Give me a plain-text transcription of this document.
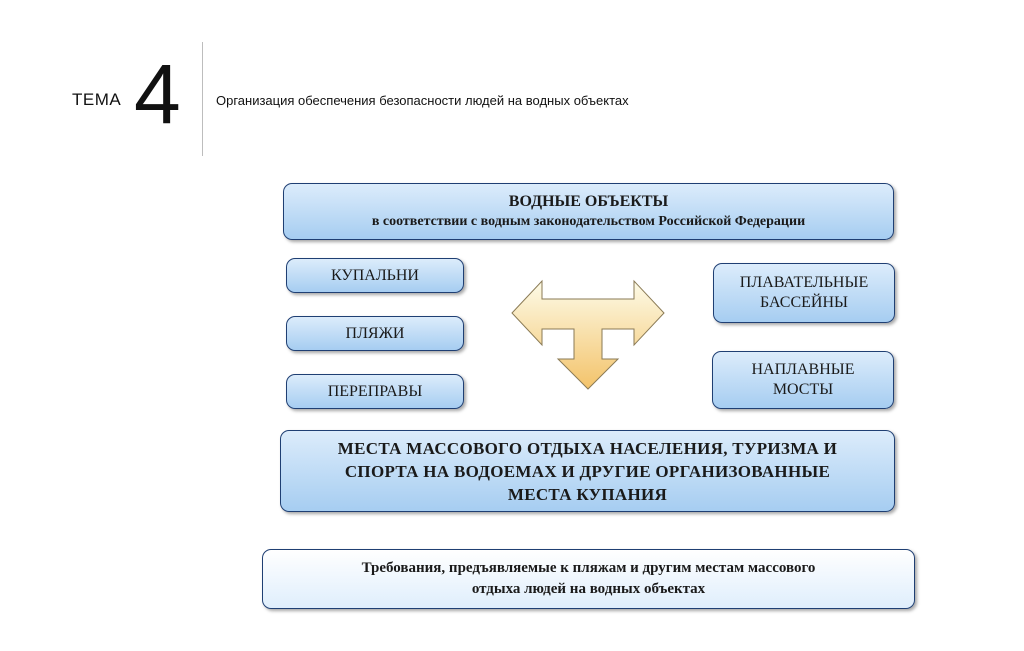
ТЕМА 4	Организация обеспечения безопасности людей на водных объектах
ВОДНЫЕ ОБЪЕКТЫ
в соответствии с водным законодательством Российской Федерации
КУПАЛЬНИ
ПЛЯЖИ
ПЕРЕПРАВЫ
ПЛАВАТЕЛЬНЫЕ
БАССЕЙНЫ
НАПЛАВНЫЕ
МОСТЫ
МЕСТА МАССОВОГО ОТДЫХА НАСЕЛЕНИЯ, ТУРИЗМА И
СПОРТА НА ВОДОЕМАХ И ДРУГИЕ ОРГАНИЗОВАННЫЕ
МЕСТА КУПАНИЯ
Требования, предъявляемые к пляжам и другим местам массового
отдыха людей на водных объектах
